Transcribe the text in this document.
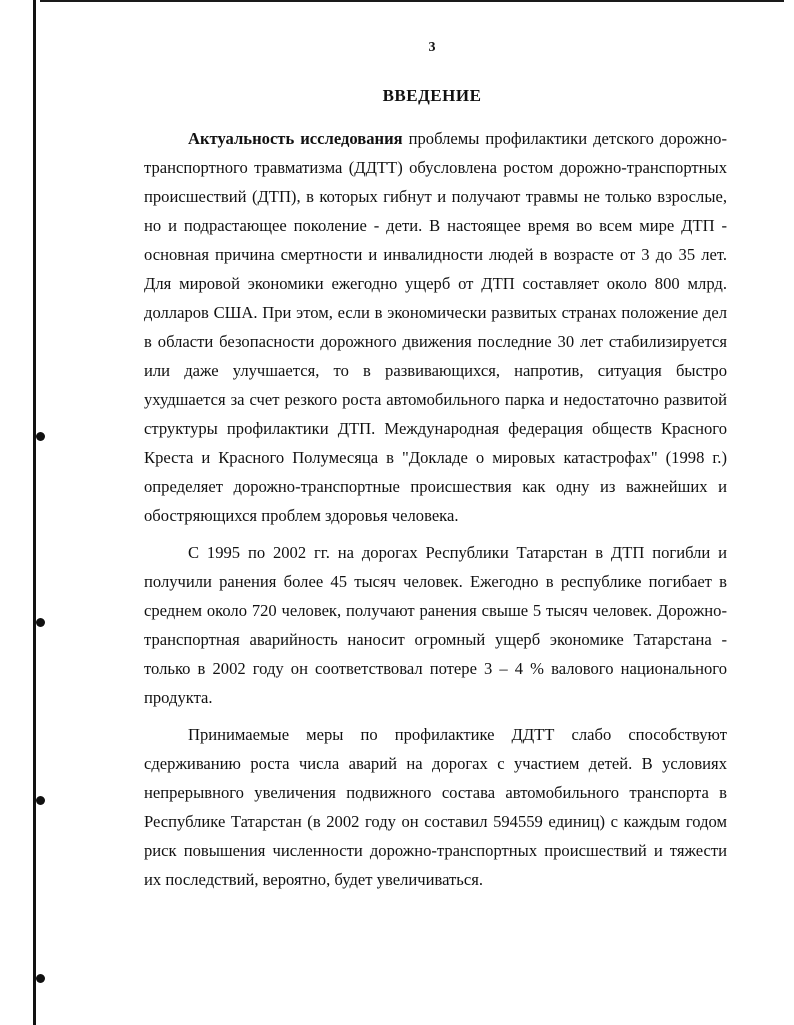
3
ВВЕДЕНИЕ

Актуальность исследования проблемы профилактики детского дорожно-транспортного травматизма (ДДТТ) обусловлена ростом дорожно-транспортных происшествий (ДТП), в которых гибнут и получают травмы не только взрослые, но и подрастающее поколение - дети. В настоящее время во всем мире ДТП - основная причина смертности и инвалидности людей в возрасте от 3 до 35 лет. Для мировой экономики ежегодно ущерб от ДТП составляет около 800 млрд. долларов США. При этом, если в экономически развитых странах положение дел в области безопасности дорожного движения последние 30 лет стабилизируется или даже улучшается, то в развивающихся, напротив, ситуация быстро ухудшается за счет резкого роста автомобильного парка и недостаточно развитой структуры профилактики ДТП. Международная федерация обществ Красного Креста и Красного Полумесяца в "Докладе о мировых катастрофах" (1998 г.) определяет дорожно-транспортные происшествия как одну из важнейших и обостряющихся проблем здоровья человека.

С 1995 по 2002 гг. на дорогах Республики Татарстан в ДТП погибли и получили ранения более 45 тысяч человек. Ежегодно в республике погибает в среднем около 720 человек, получают ранения свыше 5 тысяч человек. Дорожно-транспортная аварийность наносит огромный ущерб экономике Татарстана - только в 2002 году он соответствовал потере 3 – 4 % валового национального продукта.

Принимаемые меры по профилактике ДДТТ слабо способствуют сдерживанию роста числа аварий на дорогах с участием детей. В условиях непрерывного увеличения подвижного состава автомобильного транспорта в Республике Татарстан (в 2002 году он составил 594559 единиц) с каждым годом риск повышения численности дорожно-транспортных происшествий и тяжести их последствий, вероятно, будет увеличиваться.
